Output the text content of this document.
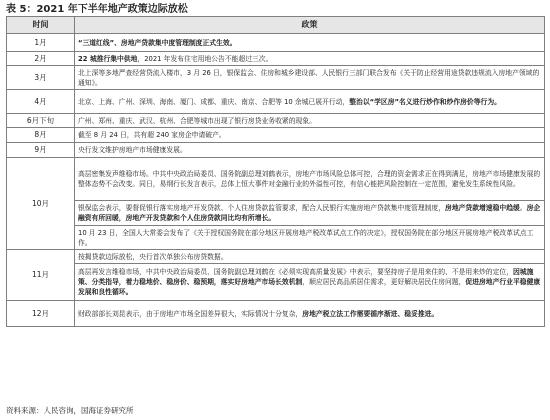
表 5：2021 年下半年地产政策边际放松
时间	政策
1月	“三道红线”、房地产贷款集中度管理制度正式生效。
2月	22 城推行集中供地，2021 年发布住宅用地公告不能超过三次。
3月	北上深等多地严查经营贷流入楼市，3 月 26 日，银保监会、住房和城乡建设部、人民银行三部门联合发布《关于防止经营用途贷款违规流入房地产领域的通知》。
4月	北京、上海、广州、深圳、海南、厦门、成都、重庆、南京、合肥等 10 余城已展开行动，整治以“学区房”名义进行炒作和炒作房价等行为。
6月下旬	广州、郑州、重庆、武汉、杭州、合肥等城市出现了银行房贷业务收紧的现象。
8月	截至 8 月 24 日，共有超 240 家房企申请破产。
9月	央行发文维护房地产市场健康发展。
10月	高层密集发声维稳市场。中共中央政治局委员、国务院副总理刘鹤表示，房地产市场风险总体可控，合理的资金需求正在得到满足，房地产市场健康发展的整体态势不会改变。同日，易纲行长发言表示，总体上恒大事件对金融行业的外溢性可控，有信心能把风险控制在一定范围，避免发生系统性风险。
	银保监会表示，要督促银行落实房地产开发贷款、个人住房贷款监管要求，配合人民银行实施房地产贷款集中度管理制度，房地产贷款增速稳中趋缓。房企融资有所回暖，房地产开发贷款和个人住房贷款同比均有所增长。
	10 月 23 日，全国人大常委会发布了《关于授权国务院在部分地区开展房地产税改革试点工作的决定》，授权国务院在部分地区开展房地产税改革试点工作。
11月	按揭贷款边际放松，央行首次单独公布房贷数据。
	高层再发言维稳市场，中共中央政治局委员、国务院副总理刘鹤在《必须实现高质量发展》中表示，要坚持房子是用来住的、不是用来炒的定位，因城施策、分类指导，着力稳地价、稳房价、稳预期，落实好房地产市场长效机制，顺应居民高品质居住需求，更好解决居民住房问题，促进房地产行业平稳健康发展和良性循环。
12月	财政部部长刘昆表示，由于房地产市场全国差异很大，实际情况十分复杂，房地产税立法工作需要循序渐进、稳妥推进。
资料来源：人民咨询，国海证券研究所
